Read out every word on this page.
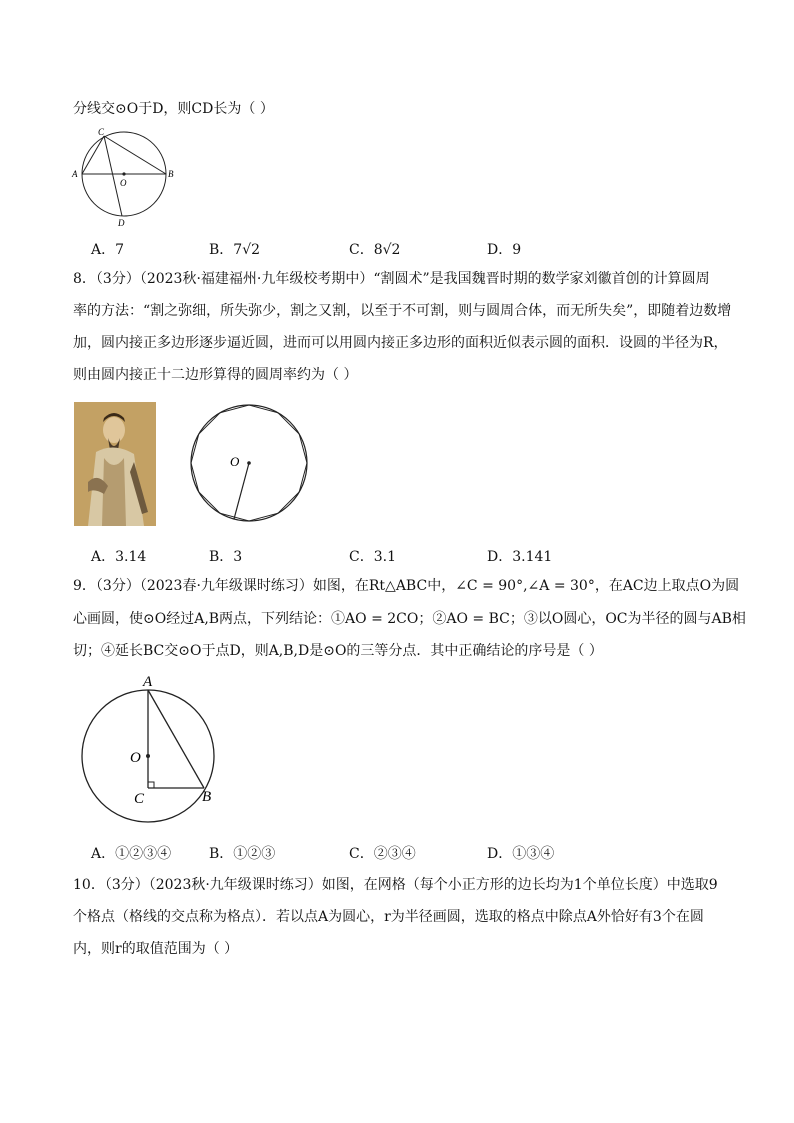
分线交⊙O于D，则CD长为（ ）
C
A
O
B
D
A．7	B．7√2	C．8√2	D．9
8．（3分）（2023秋·福建福州·九年级校考期中）“割圆术”是我国魏晋时期的数学家刘徽首创的计算圆周
率的方法：“割之弥细，所失弥少，割之又割，以至于不可割，则与圆周合体，而无所失矣”，即随着边数增
加，圆内接正多边形逐步逼近圆，进而可以用圆内接正多边形的面积近似表示圆的面积．设圆的半径为R，
则由圆内接正十二边形算得的圆周率约为（ ）
O
A．3.14	B．3	C．3.1	D．3.141
9．（3分）（2023春·九年级课时练习）如图，在Rt△ABC中，∠C = 90°,∠A = 30°，在AC边上取点O为圆
心画圆，使⊙O经过A,B两点，下列结论：①AO = 2CO；②AO = BC；③以O圆心，OC为半径的圆与AB相
切；④延长BC交⊙O于点D，则A,B,D是⊙O的三等分点．其中正确结论的序号是（ ）
A
O
C	B
A．①②③④	B．①②③	C．②③④	D．①③④
10．（3分）（2023秋·九年级课时练习）如图，在网格（每个小正方形的边长均为1个单位长度）中选取9
个格点（格线的交点称为格点）．若以点A为圆心，r为半径画圆，选取的格点中除点A外恰好有3个在圆
内，则r的取值范围为（ ）
